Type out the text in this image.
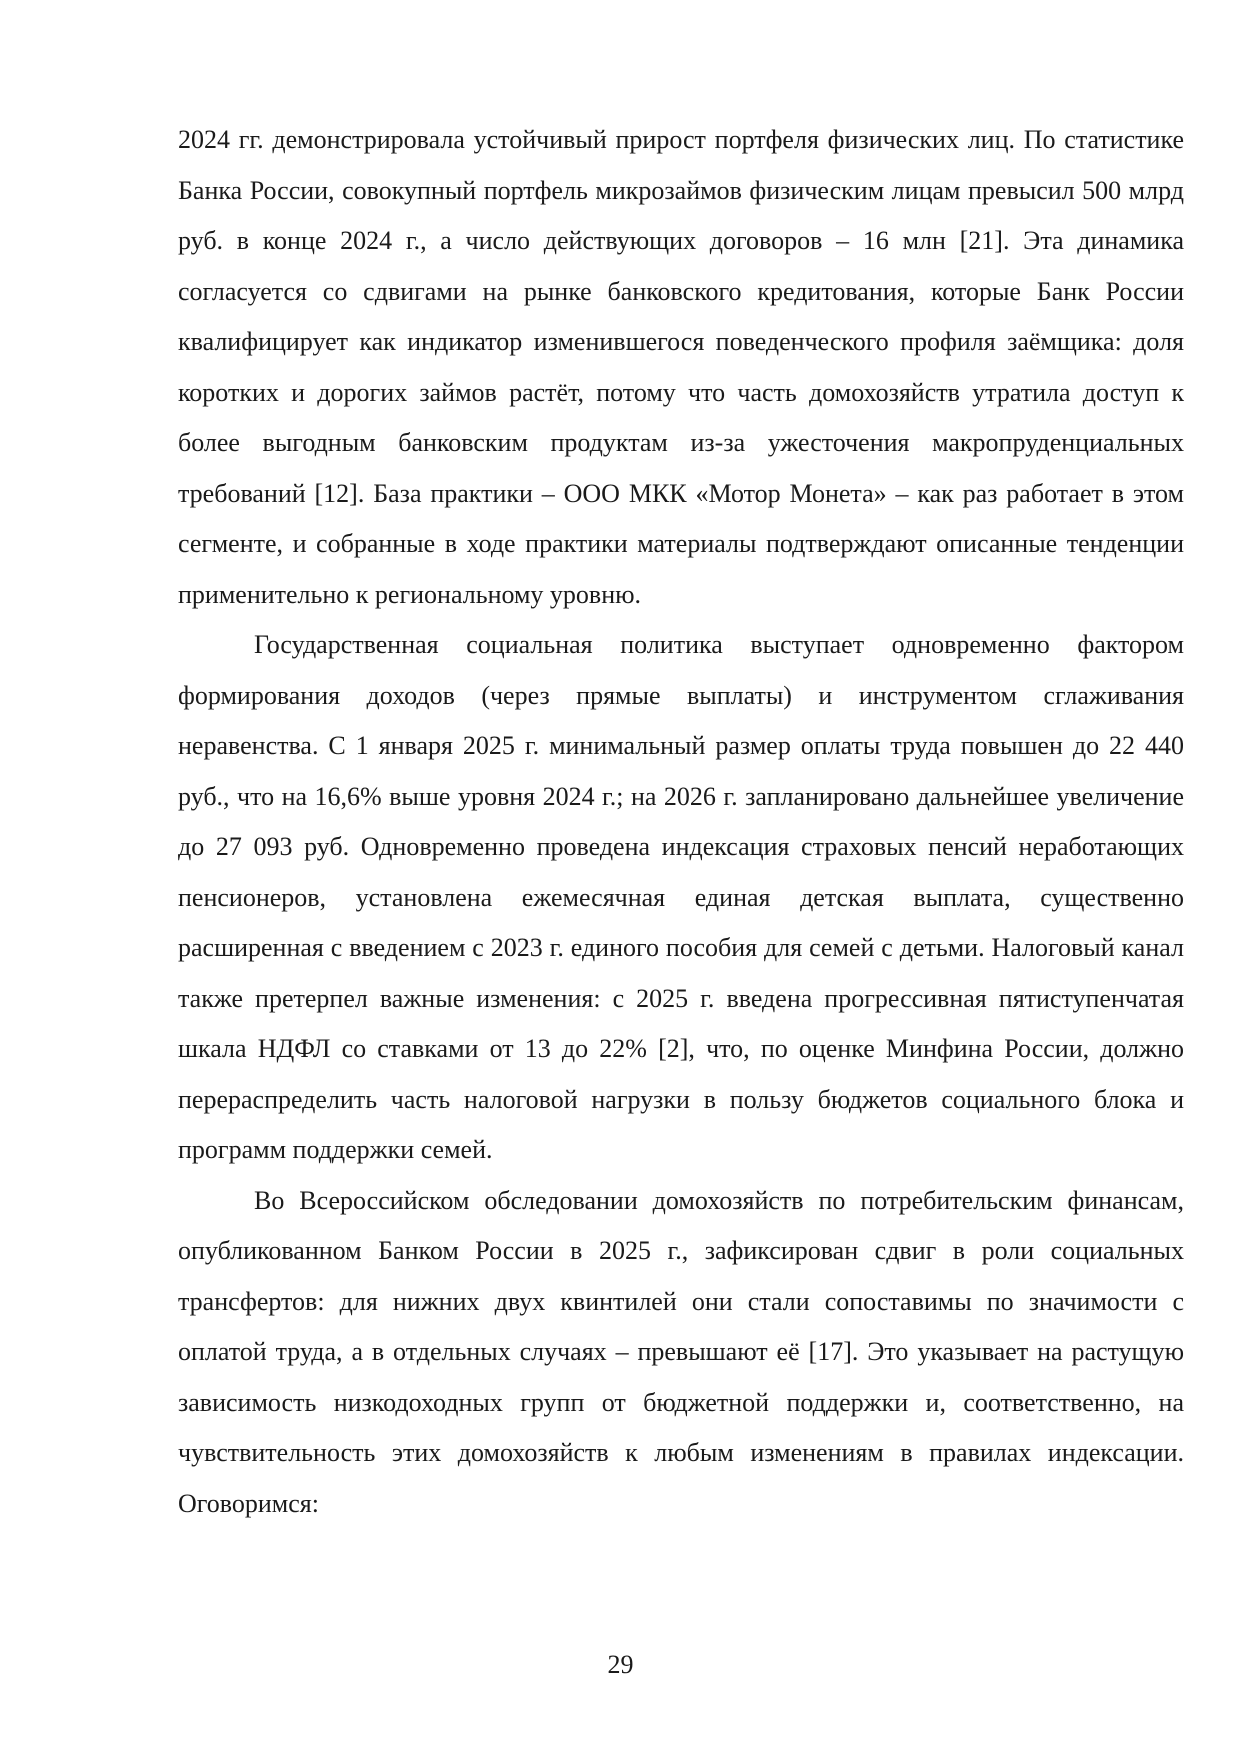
2024 гг. демонстрировала устойчивый прирост портфеля физических лиц. По статистике Банка России, совокупный портфель микрозаймов физическим лицам превысил 500 млрд руб. в конце 2024 г., а число действующих договоров – 16 млн [21]. Эта динамика согласуется со сдвигами на рынке банковского кредитования, которые Банк России квалифицирует как индикатор изменившегося поведенческого профиля заёмщика: доля коротких и дорогих займов растёт, потому что часть домохозяйств утратила доступ к более выгодным банковским продуктам из-за ужесточения макропруденциальных требований [12]. База практики – ООО МКК «Мотор Монета» – как раз работает в этом сегменте, и собранные в ходе практики материалы подтверждают описанные тенденции применительно к региональному уровню.

Государственная социальная политика выступает одновременно фактором формирования доходов (через прямые выплаты) и инструментом сглаживания неравенства. С 1 января 2025 г. минимальный размер оплаты труда повышен до 22 440 руб., что на 16,6% выше уровня 2024 г.; на 2026 г. запланировано дальнейшее увеличение до 27 093 руб. Одновременно проведена индексация страховых пенсий неработающих пенсионеров, установлена ежемесячная единая детская выплата, существенно расширенная с введением с 2023 г. единого пособия для семей с детьми. Налоговый канал также претерпел важные изменения: с 2025 г. введена прогрессивная пятиступенчатая шкала НДФЛ со ставками от 13 до 22% [2], что, по оценке Минфина России, должно перераспределить часть налоговой нагрузки в пользу бюджетов социального блока и программ поддержки семей.

Во Всероссийском обследовании домохозяйств по потребительским финансам, опубликованном Банком России в 2025 г., зафиксирован сдвиг в роли социальных трансфертов: для нижних двух квинтилей они стали сопоставимы по значимости с оплатой труда, а в отдельных случаях – превышают её [17]. Это указывает на растущую зависимость низкодоходных групп от бюджетной поддержки и, соответственно, на чувствительность этих домохозяйств к любым изменениям в правилах индексации. Оговоримся:

29
